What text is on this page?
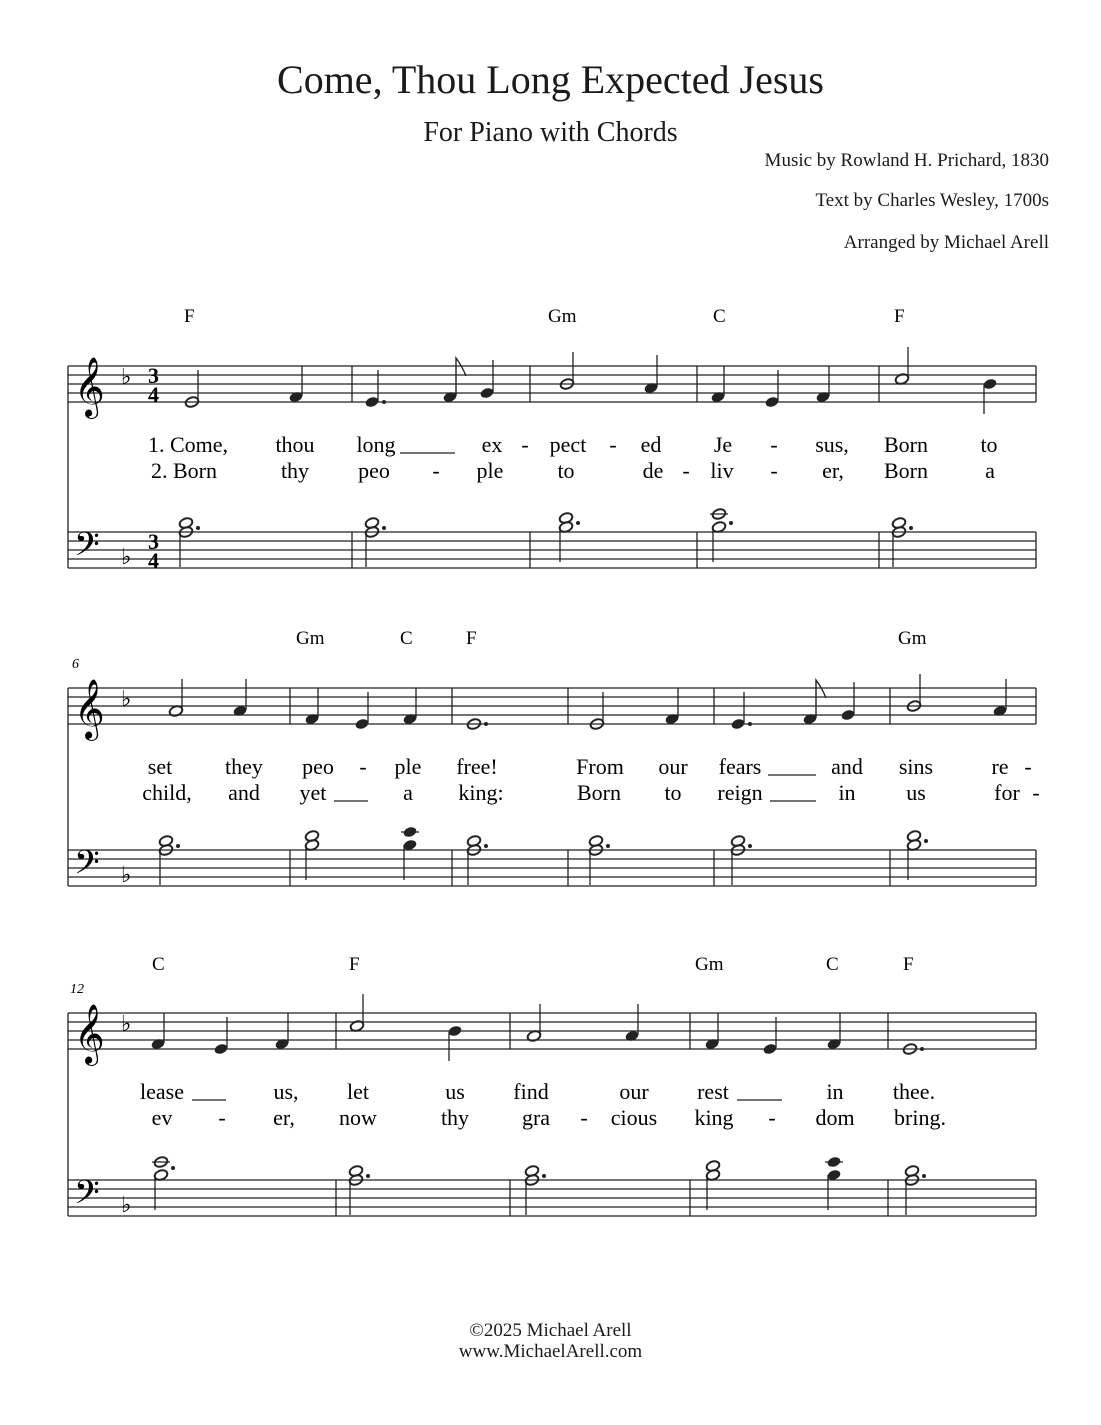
Come, Thou Long Expected Jesus
For Piano with Chords
Music by Rowland H. Prichard, 1830
Text by Charles Wesley, 1700s
Arranged by Michael Arell
F	Gm	C	F
𝄞
𝄢
♭
♭
3
4
3
4
1. Come, thou long	ex - pect - ed Je - sus, Born to
2. Born	thy peo - ple to	de - liv - er, Born	a
Gm	C	F	Gm
6
𝄞
𝄢
♭
♭
set they peo - ple free!	From our fears	and sins	re -
child, and yet	a king:	Born to reign	in us	for -
C	F	Gm	C	F
12
𝄞
𝄢
♭
♭
lease	us, let	us find	our rest	in thee.
ev - er, now	thy gra - cious king - dom bring.
©2025 Michael Arell
www.MichaelArell.com
